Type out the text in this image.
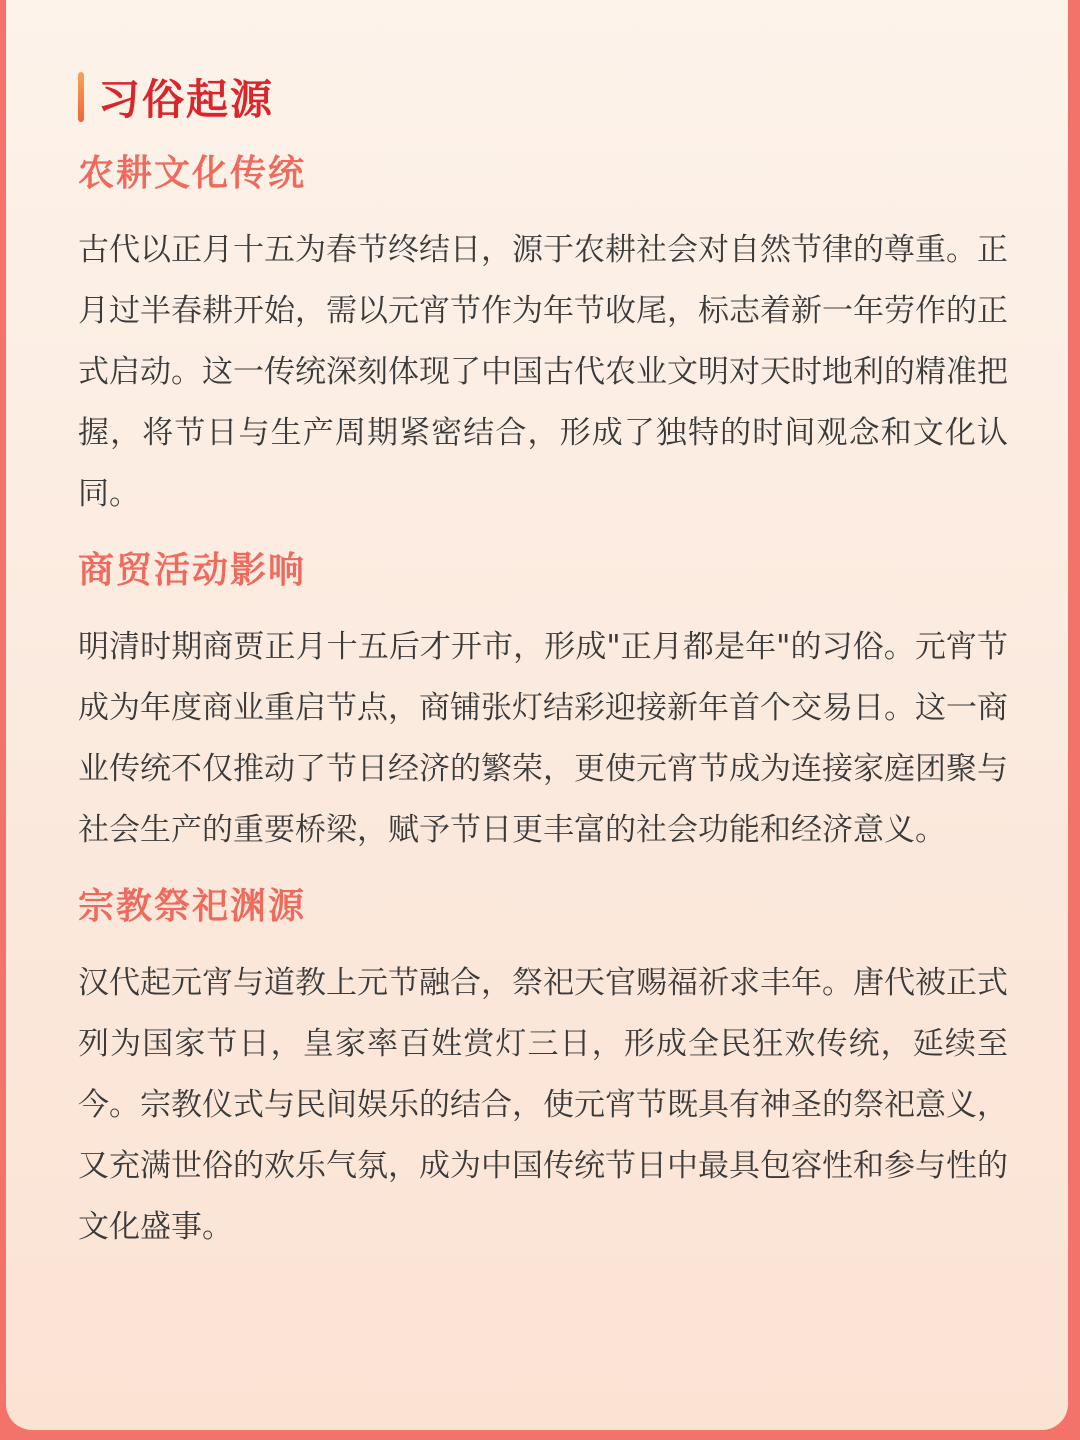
习俗起源
农耕文化传统

古代以正月十五为春节终结日，源于农耕社会对自然节律的尊重。正月过半春耕开始，需以元宵节作为年节收尾，标志着新一年劳作的正式启动。这一传统深刻体现了中国古代农业文明对天时地利的精准把握，将节日与生产周期紧密结合，形成了独特的时间观念和文化认同。

商贸活动影响

明清时期商贾正月十五后才开市，形成"正月都是年"的习俗。元宵节成为年度商业重启节点，商铺张灯结彩迎接新年首个交易日。这一商业传统不仅推动了节日经济的繁荣，更使元宵节成为连接家庭团聚与社会生产的重要桥梁，赋予节日更丰富的社会功能和经济意义。

宗教祭祀渊源

汉代起元宵与道教上元节融合，祭祀天官赐福祈求丰年。唐代被正式列为国家节日，皇家率百姓赏灯三日，形成全民狂欢传统，延续至今。宗教仪式与民间娱乐的结合，使元宵节既具有神圣的祭祀意义，又充满世俗的欢乐气氛，成为中国传统节日中最具包容性和参与性的文化盛事。
